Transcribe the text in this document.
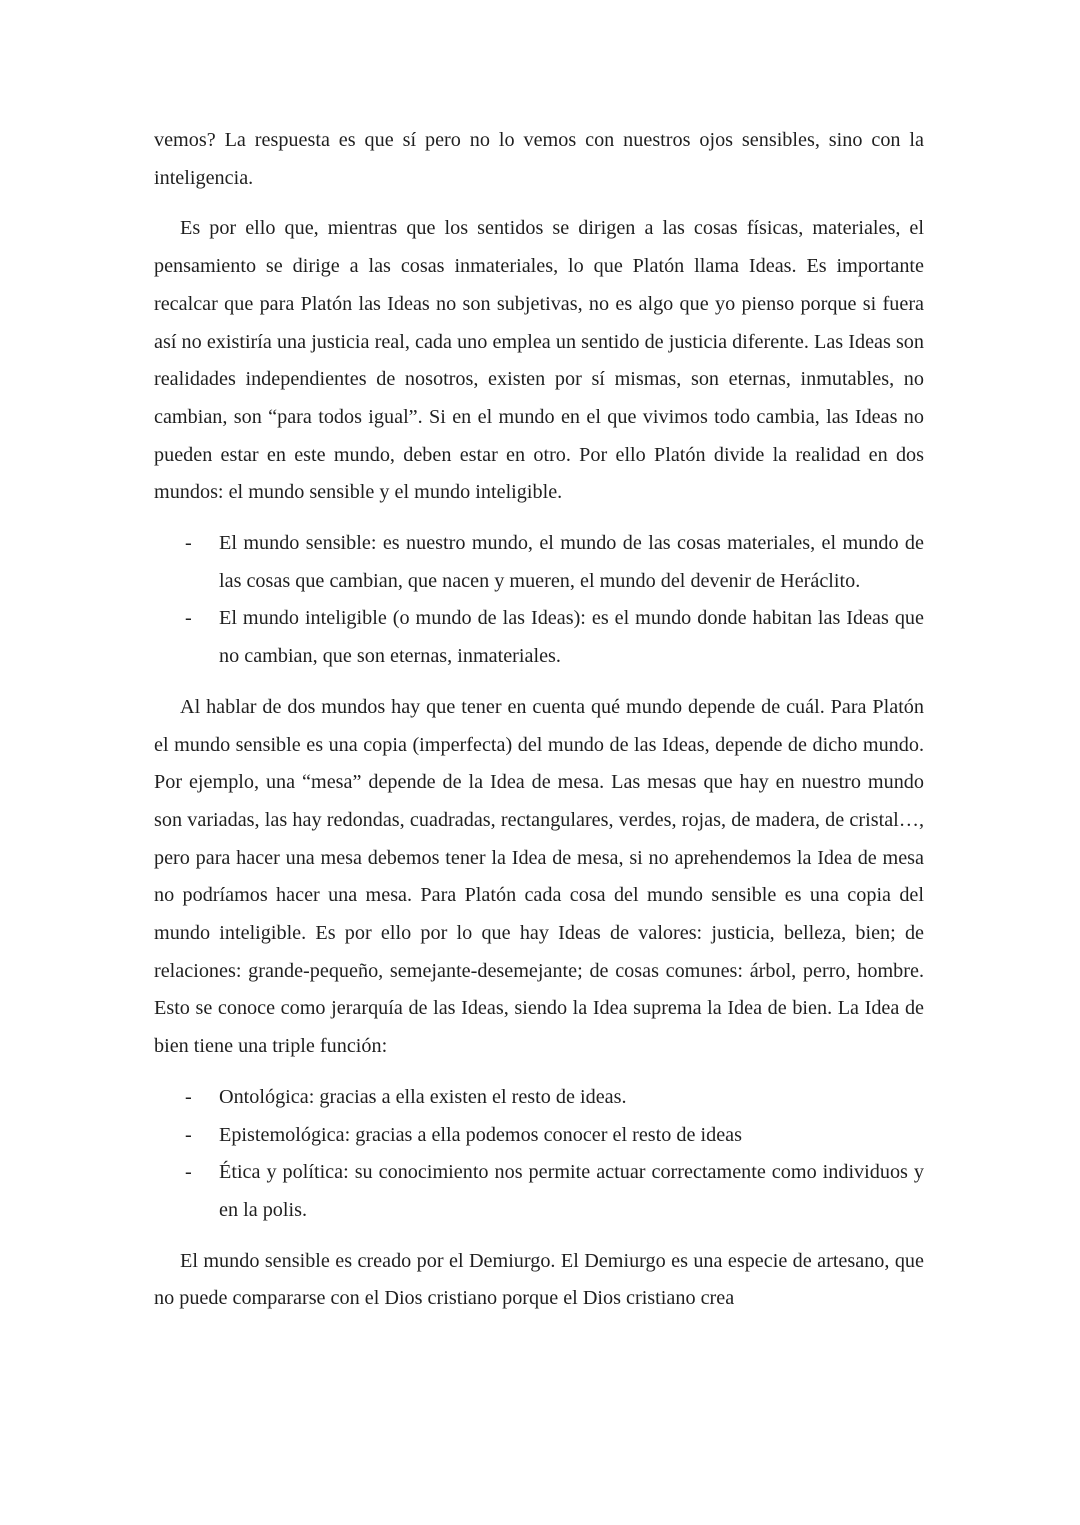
vemos? La respuesta es que sí pero no lo vemos con nuestros ojos sensibles, sino con la inteligencia.

Es por ello que, mientras que los sentidos se dirigen a las cosas físicas, materiales, el pensamiento se dirige a las cosas inmateriales, lo que Platón llama Ideas. Es importante recalcar que para Platón las Ideas no son subjetivas, no es algo que yo pienso porque si fuera así no existiría una justicia real, cada uno emplea un sentido de justicia diferente. Las Ideas son realidades independientes de nosotros, existen por sí mismas, son eternas, inmutables, no cambian, son “para todos igual”. Si en el mundo en el que vivimos todo cambia, las Ideas no pueden estar en este mundo, deben estar en otro. Por ello Platón divide la realidad en dos mundos: el mundo sensible y el mundo inteligible.

- El mundo sensible: es nuestro mundo, el mundo de las cosas materiales, el mundo de las cosas que cambian, que nacen y mueren, el mundo del devenir de Heráclito.
- El mundo inteligible (o mundo de las Ideas): es el mundo donde habitan las Ideas que no cambian, que son eternas, inmateriales.

Al hablar de dos mundos hay que tener en cuenta qué mundo depende de cuál. Para Platón el mundo sensible es una copia (imperfecta) del mundo de las Ideas, depende de dicho mundo. Por ejemplo, una “mesa” depende de la Idea de mesa. Las mesas que hay en nuestro mundo son variadas, las hay redondas, cuadradas, rectangulares, verdes, rojas, de madera, de cristal…, pero para hacer una mesa debemos tener la Idea de mesa, si no aprehendemos la Idea de mesa no podríamos hacer una mesa. Para Platón cada cosa del mundo sensible es una copia del mundo inteligible. Es por ello por lo que hay Ideas de valores: justicia, belleza, bien; de relaciones: grande-pequeño, semejante-desemejante; de cosas comunes: árbol, perro, hombre. Esto se conoce como jerarquía de las Ideas, siendo la Idea suprema la Idea de bien. La Idea de bien tiene una triple función:

- Ontológica: gracias a ella existen el resto de ideas.
- Epistemológica: gracias a ella podemos conocer el resto de ideas
- Ética y política: su conocimiento nos permite actuar correctamente como individuos y en la polis.

El mundo sensible es creado por el Demiurgo. El Demiurgo es una especie de artesano, que no puede compararse con el Dios cristiano porque el Dios cristiano crea
